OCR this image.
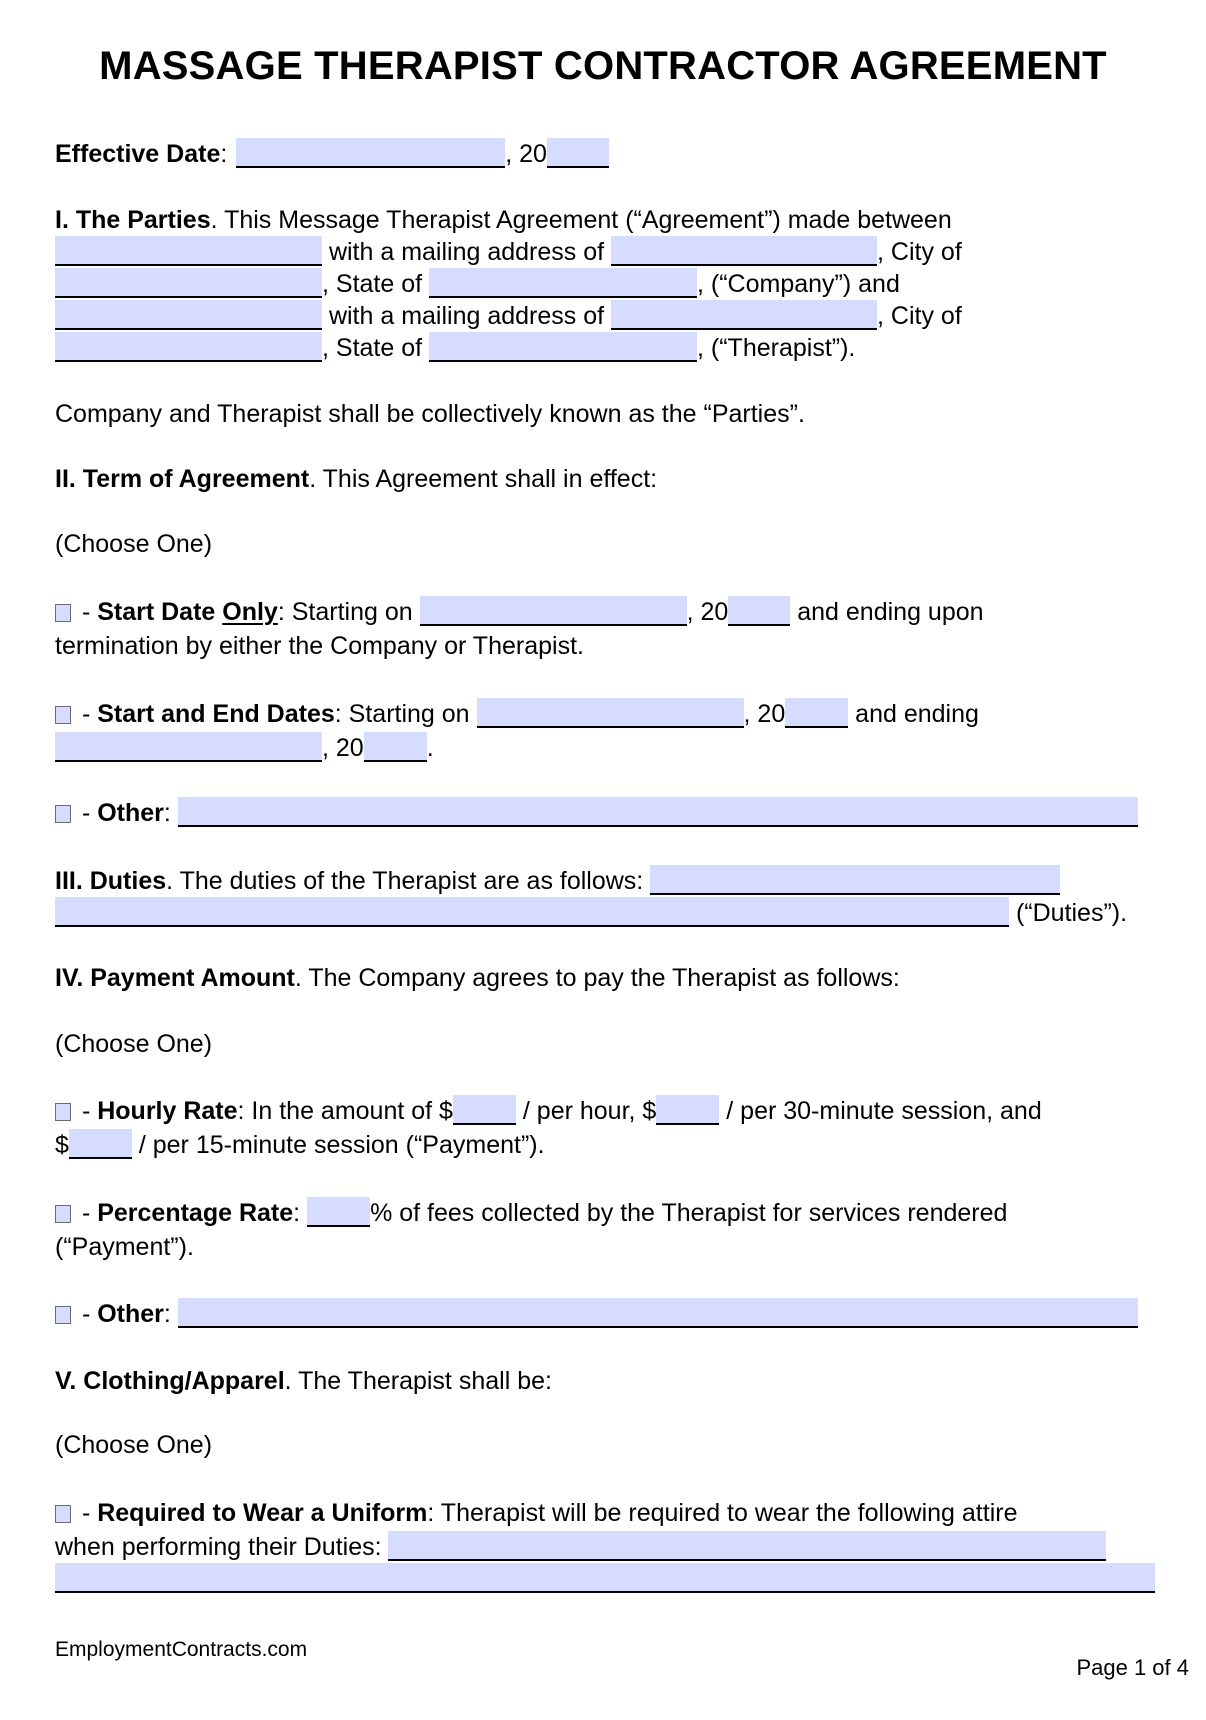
MASSAGE THERAPIST CONTRACTOR AGREEMENT
Effective Date:	, 20
I. The Parties. This Message Therapist Agreement (“Agreement”) made between
with a mailing address of	, City of
, State of	, (“Company”) and
with a mailing address of	, City of
, State of	, (“Therapist”).
Company and Therapist shall be collectively known as the “Parties”.
II. Term of Agreement. This Agreement shall in effect:
(Choose One)
- Start Date Only: Starting on	, 20 and ending upon
termination by either the Company or Therapist.
- Start and End Dates: Starting on	, 20	and ending
, 20	.
- Other:
III. Duties. The duties of the Therapist are as follows:
(“Duties”).
IV. Payment Amount. The Company agrees to pay the Therapist as follows:
(Choose One)
- Hourly Rate: In the amount of $	/ per hour, $	/ per 30-minute session, and
$	/ per 15-minute session (“Payment”).
- Percentage Rate:	% of fees collected by the Therapist for services rendered
(“Payment”).
- Other:
V. Clothing/Apparel. The Therapist shall be:
(Choose One)
- Required to Wear a Uniform: Therapist will be required to wear the following attire
when performing their Duties:
EmploymentContracts.com
Page 1 of 4
